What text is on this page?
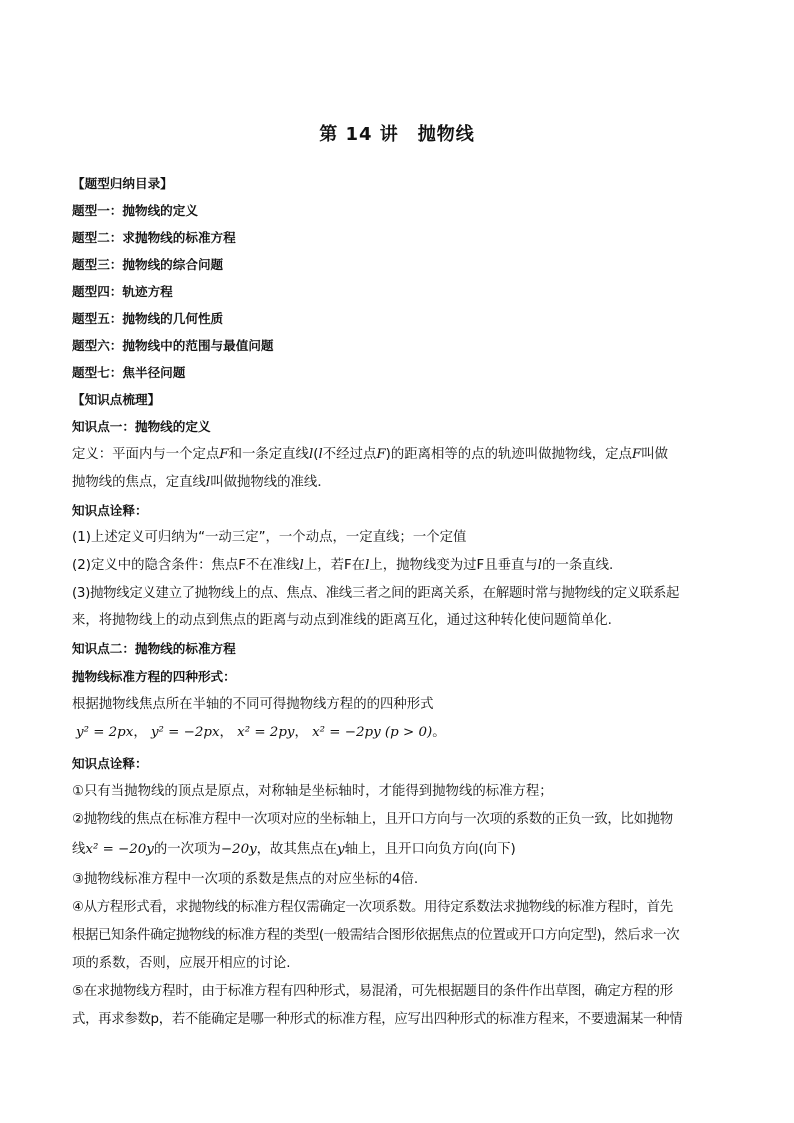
第 14 讲　抛物线
【题型归纳目录】
题型一：抛物线的定义
题型二：求抛物线的标准方程
题型三：抛物线的综合问题
题型四：轨迹方程
题型五：抛物线的几何性质
题型六：抛物线中的范围与最值问题
题型七：焦半径问题
【知识点梳理】
知识点一：抛物线的定义
定义：平面内与一个定点F和一条定直线l(l不经过点F)的距离相等的点的轨迹叫做抛物线，定点F叫做
抛物线的焦点，定直线l叫做抛物线的准线．
知识点诠释：
(1)上述定义可归纳为“一动三定”，一个动点，一定直线；一个定值
(2)定义中的隐含条件：焦点F不在准线l上，若F在l上，抛物线变为过F且垂直与l的一条直线.
(3)抛物线定义建立了抛物线上的点、焦点、准线三者之间的距离关系，在解题时常与抛物线的定义联系起
来，将抛物线上的动点到焦点的距离与动点到准线的距离互化，通过这种转化使问题简单化.
知识点二：抛物线的标准方程
抛物线标准方程的四种形式：
根据抛物线焦点所在半轴的不同可得抛物线方程的的四种形式
y² = 2px， y² = −2px， x² = 2py， x² = −2py (p > 0)。
知识点诠释：
①只有当抛物线的顶点是原点，对称轴是坐标轴时，才能得到抛物线的标准方程；
②抛物线的焦点在标准方程中一次项对应的坐标轴上，且开口方向与一次项的系数的正负一致，比如抛物
线x² = −20y的一次项为−20y，故其焦点在y轴上，且开口向负方向(向下)
③抛物线标准方程中一次项的系数是焦点的对应坐标的4倍.
④从方程形式看，求抛物线的标准方程仅需确定一次项系数。用待定系数法求抛物线的标准方程时，首先
根据已知条件确定抛物线的标准方程的类型(一般需结合图形依据焦点的位置或开口方向定型)，然后求一次
项的系数，否则，应展开相应的讨论.
⑤在求抛物线方程时，由于标准方程有四种形式，易混淆，可先根据题目的条件作出草图，确定方程的形
式，再求参数p，若不能确定是哪一种形式的标准方程，应写出四种形式的标准方程来，不要遗漏某一种情
